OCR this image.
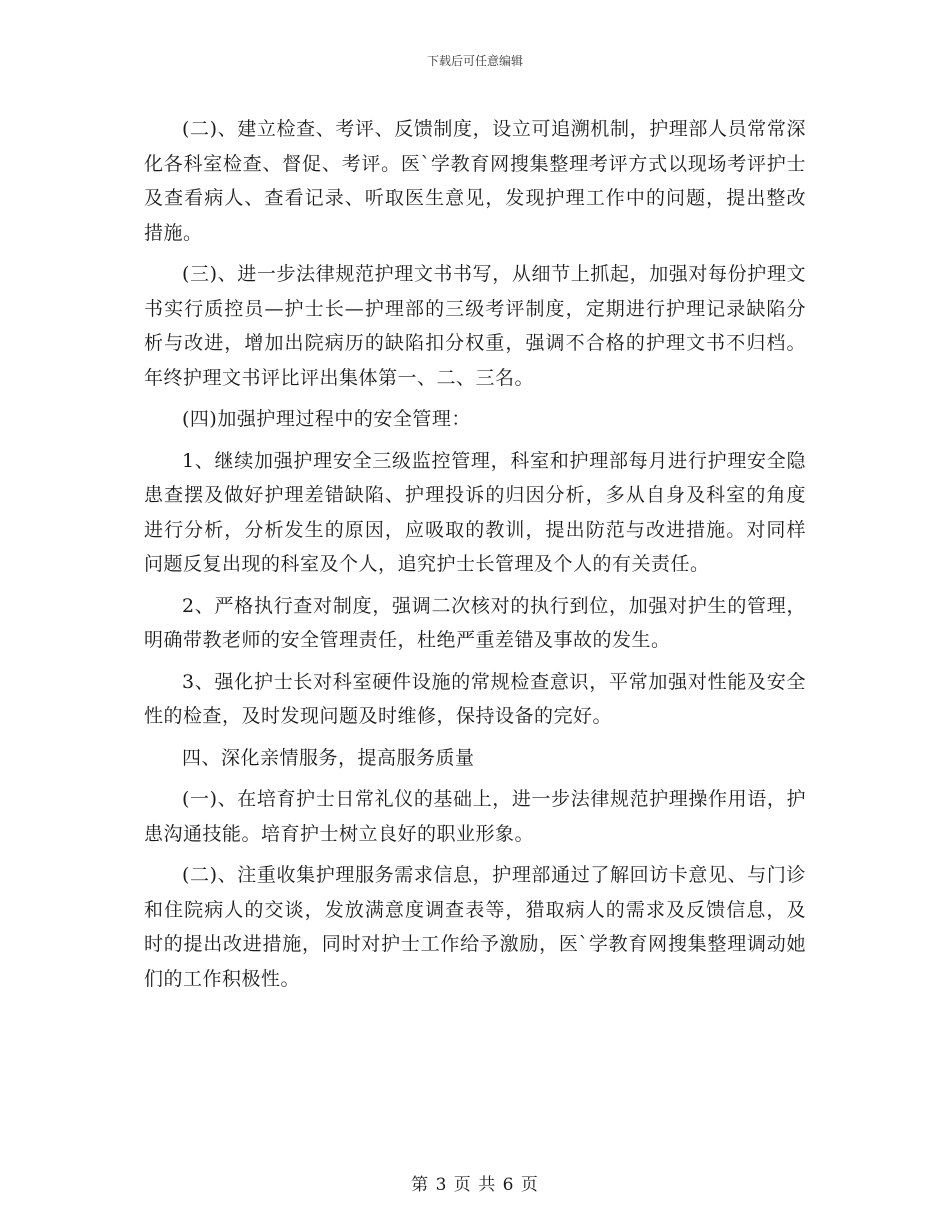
下载后可任意编辑

(二)、建立检查、考评、反馈制度，设立可追溯机制，护理部人员常常深化各科室检查、督促、考评。医`学教育网搜集整理考评方式以现场考评护士及查看病人、查看记录、听取医生意见，发现护理工作中的问题，提出整改措施。

(三)、进一步法律规范护理文书书写，从细节上抓起，加强对每份护理文书实行质控员—护士长—护理部的三级考评制度，定期进行护理记录缺陷分析与改进，增加出院病历的缺陷扣分权重，强调不合格的护理文书不归档。年终护理文书评比评出集体第一、二、三名。

(四)加强护理过程中的安全管理：

1、继续加强护理安全三级监控管理，科室和护理部每月进行护理安全隐患查摆及做好护理差错缺陷、护理投诉的归因分析，多从自身及科室的角度进行分析，分析发生的原因，应吸取的教训，提出防范与改进措施。对同样问题反复出现的科室及个人，追究护士长管理及个人的有关责任。

2、严格执行查对制度，强调二次核对的执行到位，加强对护生的管理，明确带教老师的安全管理责任，杜绝严重差错及事故的发生。

3、强化护士长对科室硬件设施的常规检查意识，平常加强对性能及安全性的检查，及时发现问题及时维修，保持设备的完好。

四、深化亲情服务，提高服务质量

(一)、在培育护士日常礼仪的基础上，进一步法律规范护理操作用语，护患沟通技能。培育护士树立良好的职业形象。

(二)、注重收集护理服务需求信息，护理部通过了解回访卡意见、与门诊和住院病人的交谈，发放满意度调查表等，猎取病人的需求及反馈信息，及时的提出改进措施，同时对护士工作给予激励，医`学教育网搜集整理调动她们的工作积极性。

第 3 页 共 6 页
